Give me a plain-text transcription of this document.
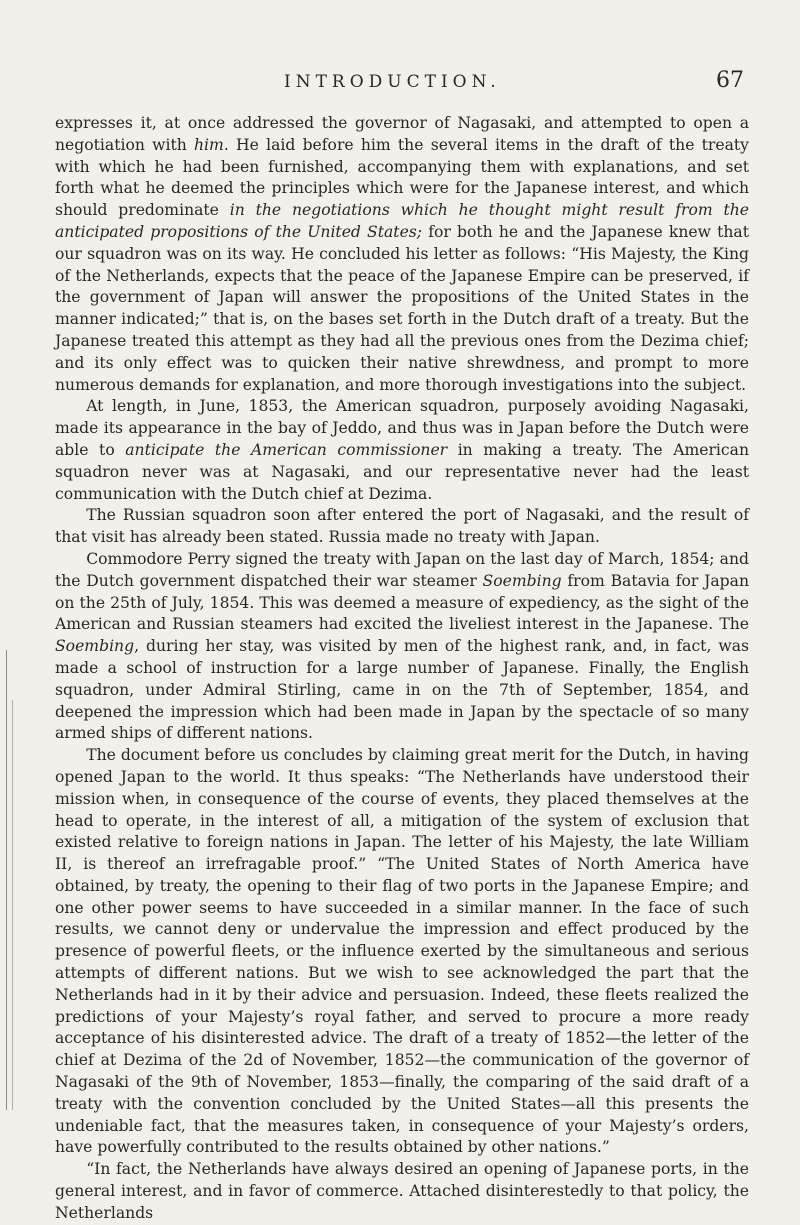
INTRODUCTION.	67

expresses it, at once addressed the governor of Nagasaki, and attempted to open a negotiation with him. He laid before him the several items in the draft of the treaty with which he had been furnished, accompanying them with explanations, and set forth what he deemed the principles which were for the Japanese interest, and which should predominate in the negotiations which he thought might result from the anticipated propositions of the United States; for both he and the Japanese knew that our squadron was on its way. He concluded his letter as follows: “His Majesty, the King of the Netherlands, expects that the peace of the Japanese Empire can be preserved, if the government of Japan will answer the propositions of the United States in the manner indicated;” that is, on the bases set forth in the Dutch draft of a treaty. But the Japanese treated this attempt as they had all the previous ones from the Dezima chief; and its only effect was to quicken their native shrewdness, and prompt to more numerous demands for explanation, and more thorough investigations into the subject.

At length, in June, 1853, the American squadron, purposely avoiding Nagasaki, made its appearance in the bay of Jeddo, and thus was in Japan before the Dutch were able to anticipate the American commissioner in making a treaty. The American squadron never was at Nagasaki, and our representative never had the least communication with the Dutch chief at Dezima.

The Russian squadron soon after entered the port of Nagasaki, and the result of that visit has already been stated. Russia made no treaty with Japan.

Commodore Perry signed the treaty with Japan on the last day of March, 1854; and the Dutch government dispatched their war steamer Soembing from Batavia for Japan on the 25th of July, 1854. This was deemed a measure of expediency, as the sight of the American and Russian steamers had excited the liveliest interest in the Japanese. The Soembing, during her stay, was visited by men of the highest rank, and, in fact, was made a school of instruction for a large number of Japanese. Finally, the English squadron, under Admiral Stirling, came in on the 7th of September, 1854, and deepened the impression which had been made in Japan by the spectacle of so many armed ships of different nations.

The document before us concludes by claiming great merit for the Dutch, in having opened Japan to the world. It thus speaks: “The Netherlands have understood their mission when, in consequence of the course of events, they placed themselves at the head to operate, in the interest of all, a mitigation of the system of exclusion that existed relative to foreign nations in Japan. The letter of his Majesty, the late William II, is thereof an irrefragable proof.” “The United States of North America have obtained, by treaty, the opening to their flag of two ports in the Japanese Empire; and one other power seems to have succeeded in a similar manner. In the face of such results, we cannot deny or undervalue the impression and effect produced by the presence of powerful fleets, or the influence exerted by the simultaneous and serious attempts of different nations. But we wish to see acknowledged the part that the Netherlands had in it by their advice and persuasion. Indeed, these fleets realized the predictions of your Majesty’s royal father, and served to procure a more ready acceptance of his disinterested advice. The draft of a treaty of 1852—the letter of the chief at Dezima of the 2d of November, 1852—the communication of the governor of Nagasaki of the 9th of November, 1853—finally, the comparing of the said draft of a treaty with the convention concluded by the United States—all this presents the undeniable fact, that the measures taken, in consequence of your Majesty’s orders, have powerfully contributed to the results obtained by other nations.”

“In fact, the Netherlands have always desired an opening of Japanese ports, in the general interest, and in favor of commerce. Attached disinterestedly to that policy, the Netherlands
